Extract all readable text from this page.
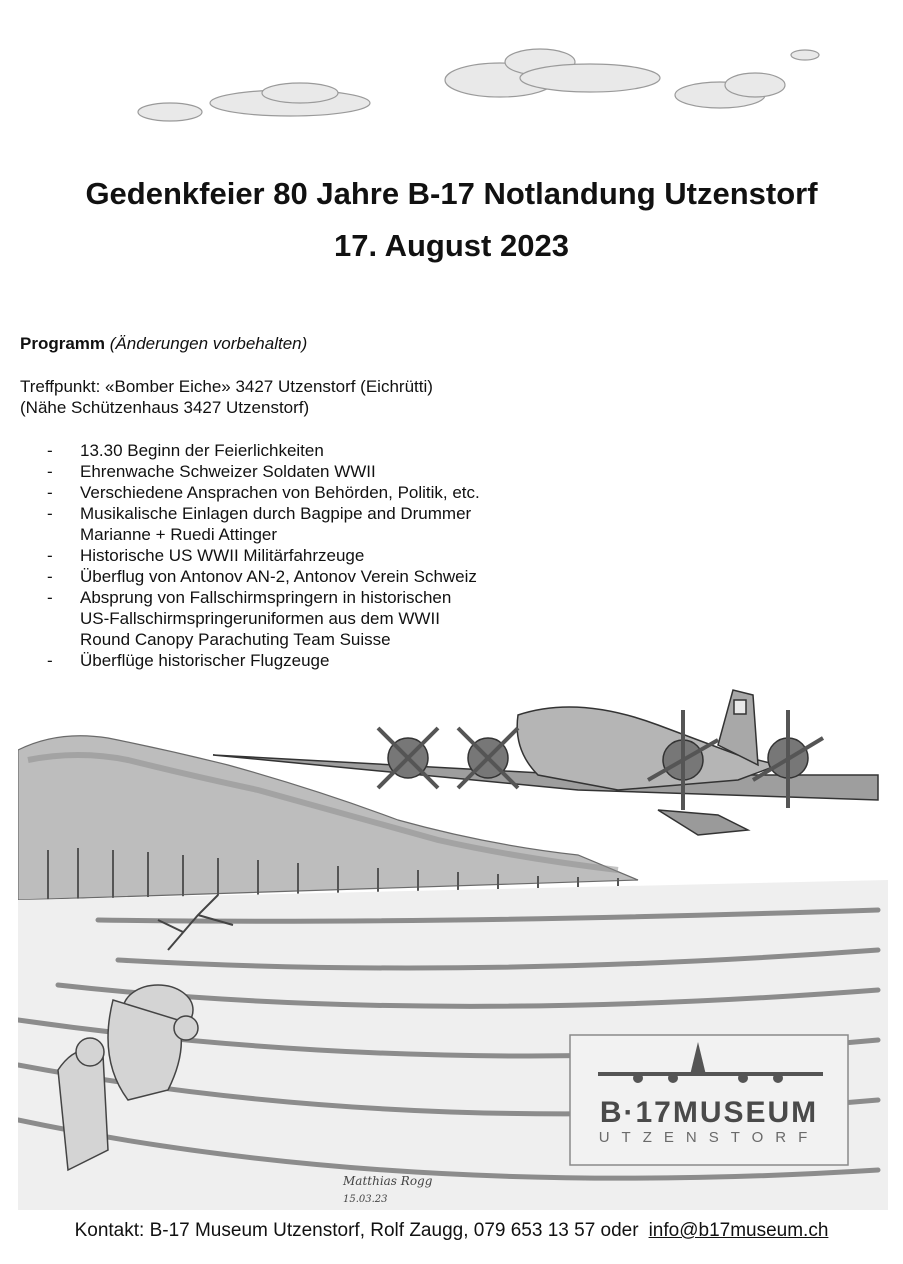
Gedenkfeier 80 Jahre B-17 Notlandung Utzenstorf
17. August 2023
Programm (Änderungen vorbehalten)
Treffpunkt: «Bomber Eiche» 3427 Utzenstorf (Eichrütti)
(Nähe Schützenhaus 3427 Utzenstorf)
- 13.30 Beginn der Feierlichkeiten
- Ehrenwache Schweizer Soldaten WWII
- Verschiedene Ansprachen von Behörden, Politik, etc.
- Musikalische Einlagen durch Bagpipe and Drummer
Marianne + Ruedi Attinger
- Historische US WWII Militärfahrzeuge
- Überflug von Antonov AN-2, Antonov Verein Schweiz
- Absprung von Fallschirmspringern in historischen
US-Fallschirmspringeruniformen aus dem WWII
Round Canopy Parachuting Team Suisse
- Überflüge historischer Flugzeuge
B·17MUSEUM
UTZENSTORF
Matthias Rogg
15.03.23
Kontakt: B-17 Museum Utzenstorf, Rolf Zaugg, 079 653 13 57 oder info@b17museum.ch
